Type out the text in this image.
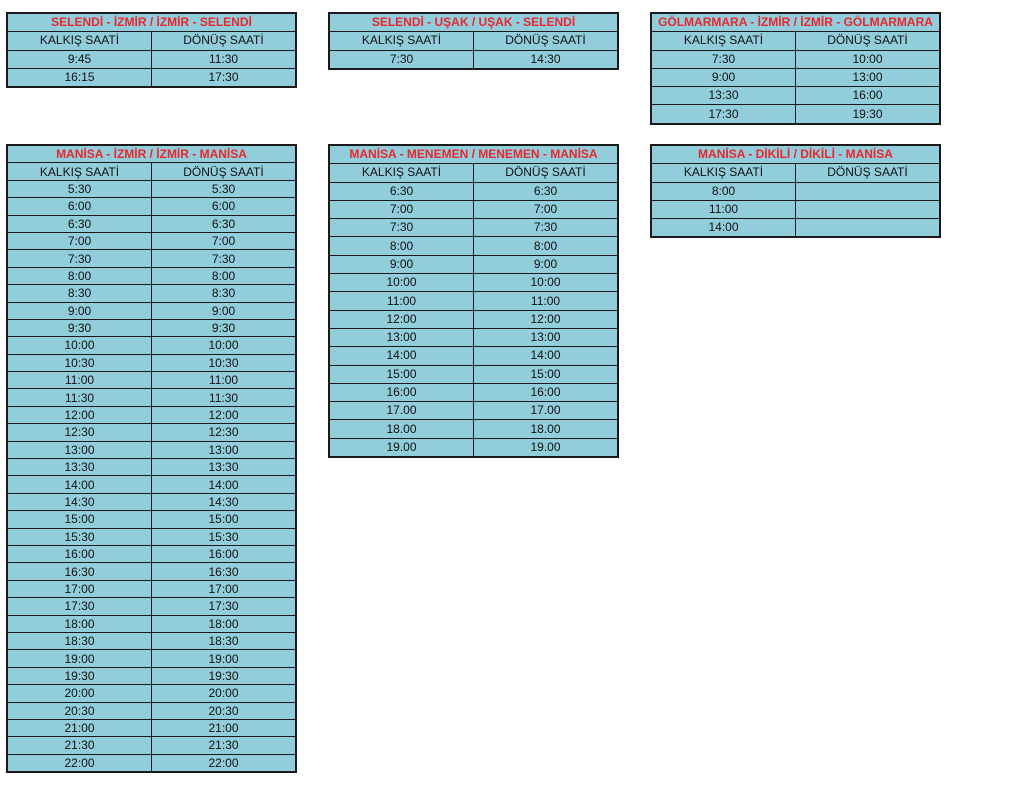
SELENDİ - İZMİR / İZMİR - SELENDİ	
KALKIŞ SAATİ	DÖNÜŞ SAATİ
9:45	11:30
16:15	17:30
SELENDİ - UŞAK / UŞAK - SELENDİ	
KALKIŞ SAATİ	DÖNÜŞ SAATİ
7:30	14:30
GÖLMARMARA - İZMİR / İZMİR - GÖLMARMARA	
KALKIŞ SAATİ	DÖNÜŞ SAATİ
7:30	10:00
9:00	13:00
13:30	16:00
17:30	19:30
MANİSA - İZMİR / İZMİR - MANİSA	
KALKIŞ SAATİ	DÖNÜŞ SAATİ
5:30	5:30
6:00	6:00
6:30	6:30
7:00	7:00
7:30	7:30
8:00	8:00
8:30	8:30
9:00	9:00
9:30	9:30
10:00	10:00
10:30	10:30
11:00	11:00
11:30	11:30
12:00	12:00
12:30	12:30
13:00	13:00
13:30	13:30
14:00	14:00
14:30	14:30
15:00	15:00
15:30	15:30
16:00	16:00
16:30	16:30
17:00	17:00
17:30	17:30
18:00	18:00
18:30	18:30
19:00	19:00
19:30	19:30
20:00	20:00
20:30	20:30
21:00	21:00
21:30	21:30
22:00	22:00
MANİSA - MENEMEN / MENEMEN - MANİSA	
KALKIŞ SAATİ	DÖNÜŞ SAATİ
6:30	6:30
7:00	7:00
7:30	7:30
8:00	8:00
9:00	9:00
10:00	10:00
11:00	11:00
12:00	12:00
13:00	13:00
14:00	14:00
15:00	15:00
16:00	16:00
17.00	17.00
18.00	18.00
19.00	19.00
MANİSA - DİKİLİ / DİKİLİ - MANİSA	
KALKIŞ SAATİ	DÖNÜŞ SAATİ
8:00	
11:00	
14:00	
